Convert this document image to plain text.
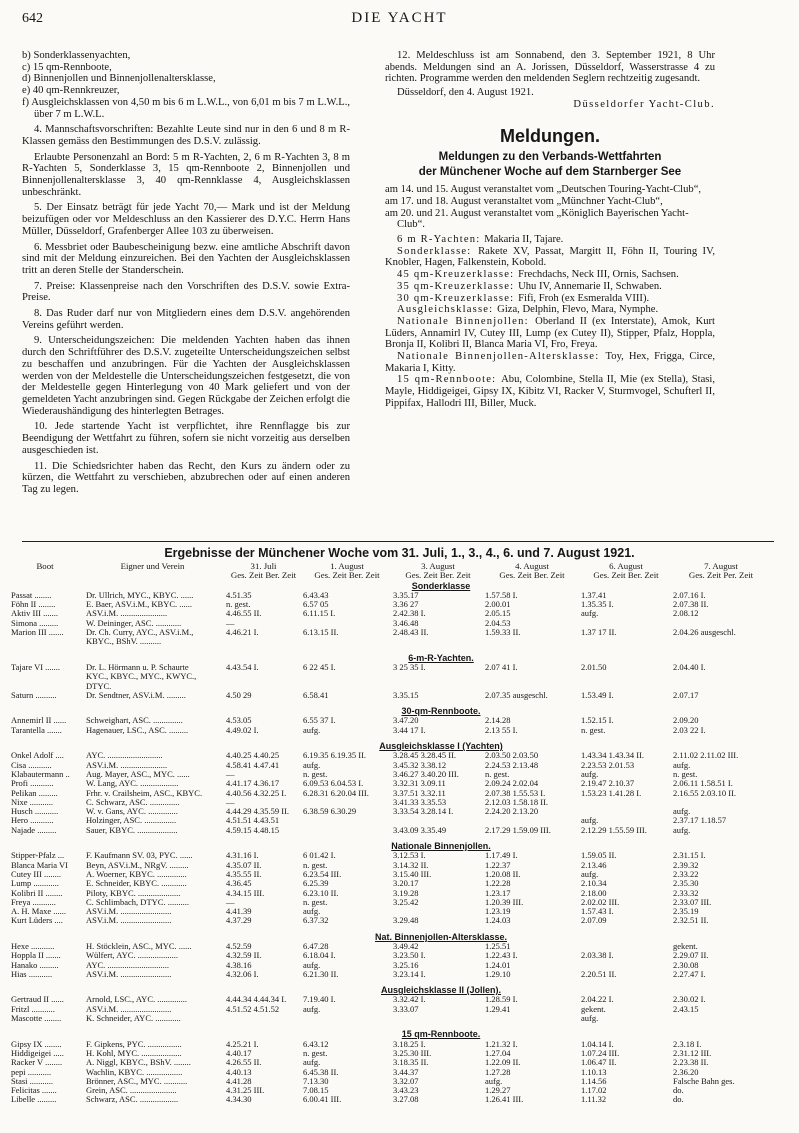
642	DIE YACHT

b) Sonderklassenyachten,

c) 15 qm-Rennboote,

d) Binnenjollen und Binnenjollenaltersklasse,

e) 40 qm-Rennkreuzer,

f) Ausgleichsklassen von 4,50 m bis 6 m L.W.L., von 6,01 m bis 7 m L.W.L., über 7 m L.W.L.

4. Mannschaftsvorschriften: Bezahlte Leute sind nur in den 6 und 8 m R-Klassen gemäss den Bestimmungen des D.S.V. zulässig.

Erlaubte Personenzahl an Bord: 5 m R-Yachten, 2, 6 m R-Yachten 3, 8 m R-Yachten 5, Sonderklasse 3, 15 qm-Rennboote 2, Binnenjollen und Binnenjollenaltersklasse 3, 40 qm-Rennklasse 4, Ausgleichsklassen unbeschränkt.

5. Der Einsatz beträgt für jede Yacht 70,— Mark und ist der Meldung beizufügen oder vor Meldeschluss an den Kassierer des D.Y.C. Herrn Hans Müller, Düsseldorf, Grafenberger Allee 103 zu überweisen.

6. Messbriet oder Baubescheinigung bezw. eine amtliche Abschrift davon sind mit der Meldung einzureichen. Bei den Yachten der Ausgleichsklassen tritt an deren Stelle der Standerschein.

7. Preise: Klassenpreise nach den Vorschriften des D.S.V. sowie Extra-Preise.

8. Das Ruder darf nur von Mitgliedern eines dem D.S.V. angehörenden Vereins geführt werden.

9. Unterscheidungszeichen: Die meldenden Yachten haben das ihnen durch den Schriftführer des D.S.V. zugeteilte Unterscheidungszeichen selbst zu beschaffen und anzubringen. Für die Yachten der Ausgleichsklassen werden von der Meldestelle die Unterscheidungszeichen festgesetzt, die von der Meldestelle gegen Hinterlegung von 40 Mark geliefert und von der gemeldeten Yacht anzubringen sind. Gegen Rückgabe der Zeichen erfolgt die Wiederaushändigung des hinterlegten Betrages.

10. Jede startende Yacht ist verpflichtet, ihre Rennflagge bis zur Beendigung der Wettfahrt zu führen, sofern sie nicht vorzeitig aus derselben ausgeschieden ist.

11. Die Schiedsrichter haben das Recht, den Kurs zu ändern oder zu kürzen, die Wettfahrt zu verschieben, abzubrechen oder auf einen anderen Tag zu legen.

12. Meldeschluss ist am Sonnabend, den 3. September 1921, 8 Uhr abends. Meldungen sind an A. Jorissen, Düsseldorf, Wasserstrasse 4 zu richten. Programme werden den meldenden Seglern rechtzeitig zugesandt.

Düsseldorf, den 4. August 1921.

Düsseldorfer Yacht-Club.

Meldungen.
Meldungen zu den Verbands-Wettfahrten
der Münchener Woche auf dem Starnberger See

am 14. und 15. August veranstaltet vom „Deutschen Touring-Yacht-Club“,

am 17. und 18. August veranstaltet vom „Münchner Yacht-Club“,

am 20. und 21. August veranstaltet vom „Königlich Bayerischen Yacht-Club“.

6 m R-Yachten: Makaria II, Tajare.

Sonderklasse: Rakete XV, Passat, Margitt II, Föhn II, Touring IV, Knobler, Hagen, Falkenstein, Kobold.

45 qm-Kreuzerklasse: Frechdachs, Neck III, Ornis, Sachsen.

35 qm-Kreuzerklasse: Uhu IV, Annemarie II, Schwaben.

30 qm-Kreuzerklasse: Fifi, Froh (ex Esmeralda VIII).

Ausgleichsklasse: Giza, Delphin, Flevo, Mara, Nymphe.

Nationale Binnenjollen: Oberland II (ex Interstate), Amok, Kurt Lüders, Annamirl IV, Cutey III, Lump (ex Cutey II), Stipper, Pfalz, Hoppla, Bronja II, Kolibri II, Blanca Maria VI, Fro, Freya.

Nationale Binnenjollen-Altersklasse: Toy, Hex, Frigga, Circe, Makaria I, Kitty.

15 qm-Rennboote: Abu, Colombine, Stella II, Mie (ex Stella), Stasi, Mayle, Hiddigeigei, Gipsy IX, Kibitz VI, Racker V, Sturmvogel, Schufterl II, Pippifax, Hallodri III, Biller, Muck.

Ergebnisse der Münchener Woche vom 31. Juli, 1., 3., 4., 6. und 7. August 1921.
Boot	Eigner und Verein	31. Juli	1. August	3. August	4. August	6. August	7. August
		Ges. Zeit Ber. Zeit	Ges. Zeit Ber. Zeit	Ges. Zeit Ber. Zeit	Ges. Zeit Ber. Zeit	Ges. Zeit Ber. Zeit	Ges. Zeit Per. Zeit
			Sonderklasse				
Passat ........	Dr. Ullrich, MYC., KBYC. ......	4.51.35	6.43.43	3.35.17	1.57.58 I.	1.37.41	2.07.16 I.
Föhn II ........	E. Baer, ASV.i.M., KBYC. ......	n. gest.	6.57 05	3.36 27	2.00.01	1.35.35 I.	2.07.38 II.
Aktiv III .......	ASV.i.M. ......................	4.46.55 II.	6.11.15 I.	2.42.38 I.	2.05.15	aufg.	2.08.12
Simona .........	W. Deininger, ASC. ............	—		3.46.48	2.04.53		
Marion III .......	Dr. Ch. Curry, AYC., ASV.i.M.,	4.46.21 I.	6.13.15 II.	2.48.43 II.	1.59.33 II.	1.37 17 II.	2.04.26 ausgeschl.
	KBYC., BShV. ..........						

			6-m-R-Yachten.				
Tajare VI .......	Dr. L. Hörmann u. P. Schaurte	4.43.54 I.	6 22 45 I.	3 25 35 I.	2.07 41 I.	2.01.50	2.04.40 I.
	KYC., KBYC., MYC., KWYC.,						
	DTYC.						
Saturn ..........	Dr. Sendtner, ASV.i.M. .........	4.50 29	6.58.41	3.35.15	2.07.35 ausgeschl.	1.53.49 I.	2.07.17

			30-qm-Rennboote.				
Annemirl II ......	Schweighart, ASC. ..............	4.53.05	6.55 37 I.	3.47.20	2.14.28	1.52.15 I.	2.09.20
Tarantella .......	Hagenauer, LSC., ASC. .........	4.49.02 I.	aufg.	3.44 17 I.	2.13 55 I.	n. gest.	2.03 22 I.

			Ausgleichsklasse I (Yachten)				
Onkel Adolf ....	AYC. ..........................	4.40.25 4.40.25	6.19.35 6.19.35 II.	3.28.45 3.28.45 II.	2.03.50 2.03.50	1.43.34 1.43.34 II.	2.11.02 2.11.02 III.
Cisa ...........	ASV.i.M. ......................	4.58.41 4.47.41	aufg.	3.45.32 3.38.12	2.24.53 2.13.48	2.23.53 2.01.53	aufg.
Klabautermann ..	Aug. Mayer, ASC., MYC. ......	—	n. gest.	3.46.27 3.40.20 III.	n. gest.	aufg.	n. gest.
Profi ...........	W. Lang, AYC. ..................	4.41.17 4.36.17	6.09.53 6.04.53 I.	3.32.31 3.09.11	2.09.24 2.02.04	2.19.47 2.10.37	2.06.11 1.58.51 I.
Pelikan .........	Frhr. v. Crailsheim, ASC., KBYC.	4.40.56 4.32.25 I.	6.28.31 6.20.04 III.	3.37.51 3.32.11	2.07.38 1.55.53 I.	1.53.23 1.41.28 I.	2.16.55 2.03.10 II.
Nixe ...........	C. Schwarz, ASC. ..............	—		3.41.33 3.35.53	2.12.03 1.58.18 II.		
Husch ...........	W. v. Gans, AYC. ..............	4.44.29 4.35.59 II.	6.38.59 6.30.29	3.33.54 3.28.14 I.	2.24.20 2.13.20		aufg.
Hero ...........	Holzinger, ASC. ...............	4.51.51 4.43.51				aufg.	2.37.17 1.18.57
Najade .........	Sauer, KBYC. ...................	4.59.15 4.48.15		3.43.09 3.35.49	2.17.29 1.59.09 III.	2.12.29 1.55.59 III.	aufg.

			Nationale Binnenjollen.				
Stipper-Pfalz ...	F. Kaufmann SV. 03, PYC. ......	4.31.16 I.	6 01.42 I.	3.12.53 I.	1.17.49 I.	1.59.05 II.	2.31.15 I.
Blanca Maria VI	Beyn, ASV.i.M., NRgV. .........	4.35.07 II.	n. gest.	3.14.32 II.	1.22.37	2.13.46	2.39.32
Cutey III ........	A. Woerner, KBYC. ..............	4.35.55 II.	6.23.54 III.	3.15.40 III.	1.20.08 II.	aufg.	2.33.22
Lump ............	E. Schneider, KBYC. ............	4.36.45	6.25.39	3.20.17	1.22.28	2.10.34	2.35.30
Kolibri II ........	Piloty, KBYC. ....................	4.34.15 III.	6.23.10 II.	3.19.28	1.23.17	2.18.00	2.33.32
Freya ...........	C. Schlimbach, DTYC. ..........	—	n. gest.	3.25.42	1.20.39 III.	2.02.02 III.	2.33.07 III.
A. H. Maxe ......	ASV.i.M. ........................	4.41.39	aufg.		1.23.19	1.57.43 I.	2.35.19
Kurt Lüders ....	ASV.i.M. ........................	4.37.29	6.37.32	3.29.48	1.24.03	2.07.09	2.32.51 II.

			Nat. Binnenjollen-Altersklasse.				
Hexe ...........	H. Stöcklein, ASC., MYC. ......	4.52.59	6.47.28	3.49.42	1.25.51		gekent.
Hoppla II .......	Wülfert, AYC. ...................	4.32.59 II.	6.18.04 I.	3.23.50 I.	1.22.43 I.	2.03.38 I.	2.29.07 II.
Hanako .........	AYC. .............................	4.38.16	aufg.	3.25.16	1.24.01		2.30.08
Hias ...........	ASV.i.M. ........................	4.32.06 I.	6.21.30 II.	3.23.14 I.	1.29.10	2.20.51 II.	2.27.47 I.

			Ausgleichsklasse II (Jollen).				
Gertraud II ......	Arnold, LSC., AYC. ..............	4.44.34 4.44.34 I.	7.19.40 I.	3.32.42 I.	1.28.59 I.	2.04.22 I.	2.30.02 I.
Fritzl ...........	ASV.i.M. ........................	4.51.52 4.51.52	aufg.	3.33.07	1.29.41	gekent.	2.43.15
Mascotte ........	K. Schneider, AYC. ............					aufg.	

			15 qm-Rennboote.				
Gipsy IX ........	F. Gipkens, PYC. ................	4.25.21 I.	6.43.12	3.18.25 I.	1.21.32 I.	1.04.14 I.	2.3.18 I.
Hiddigeigei .....	H. Kohl, MYC. ...................	4.40.17	n. gest.	3.25.30 III.	1.27.04	1.07.24 III.	2.31.12 III.
Racker V ........	A. Niggl, KBYC., BShV. ........	4.26.55 II.	aufg.	3.18.35 II.	1.22.09 II.	1.06.47 II.	2.23.38 II.
pepi ...........	Wachlin, KBYC. .................	4.40.13	6.45.38 II.	3.44.37	1.27.28	1.10.13	2.36.20
Stasi ...........	Brönner, ASC., MYC. ...........	4.41.28	7.13.30	3.32.07	aufg.	1.14.56	Falsche Bahn ges.
Felicitas .......	Grein, ASC. ......................	4.31.25 III.	7.08.15	3.43.23	1.29.27	1.17.02	do.
Libelle .........	Schwarz, ASC. ..................	4.34.30	6.00.41 III.	3.27.08	1.26.41 III.	1.11.32	do.
